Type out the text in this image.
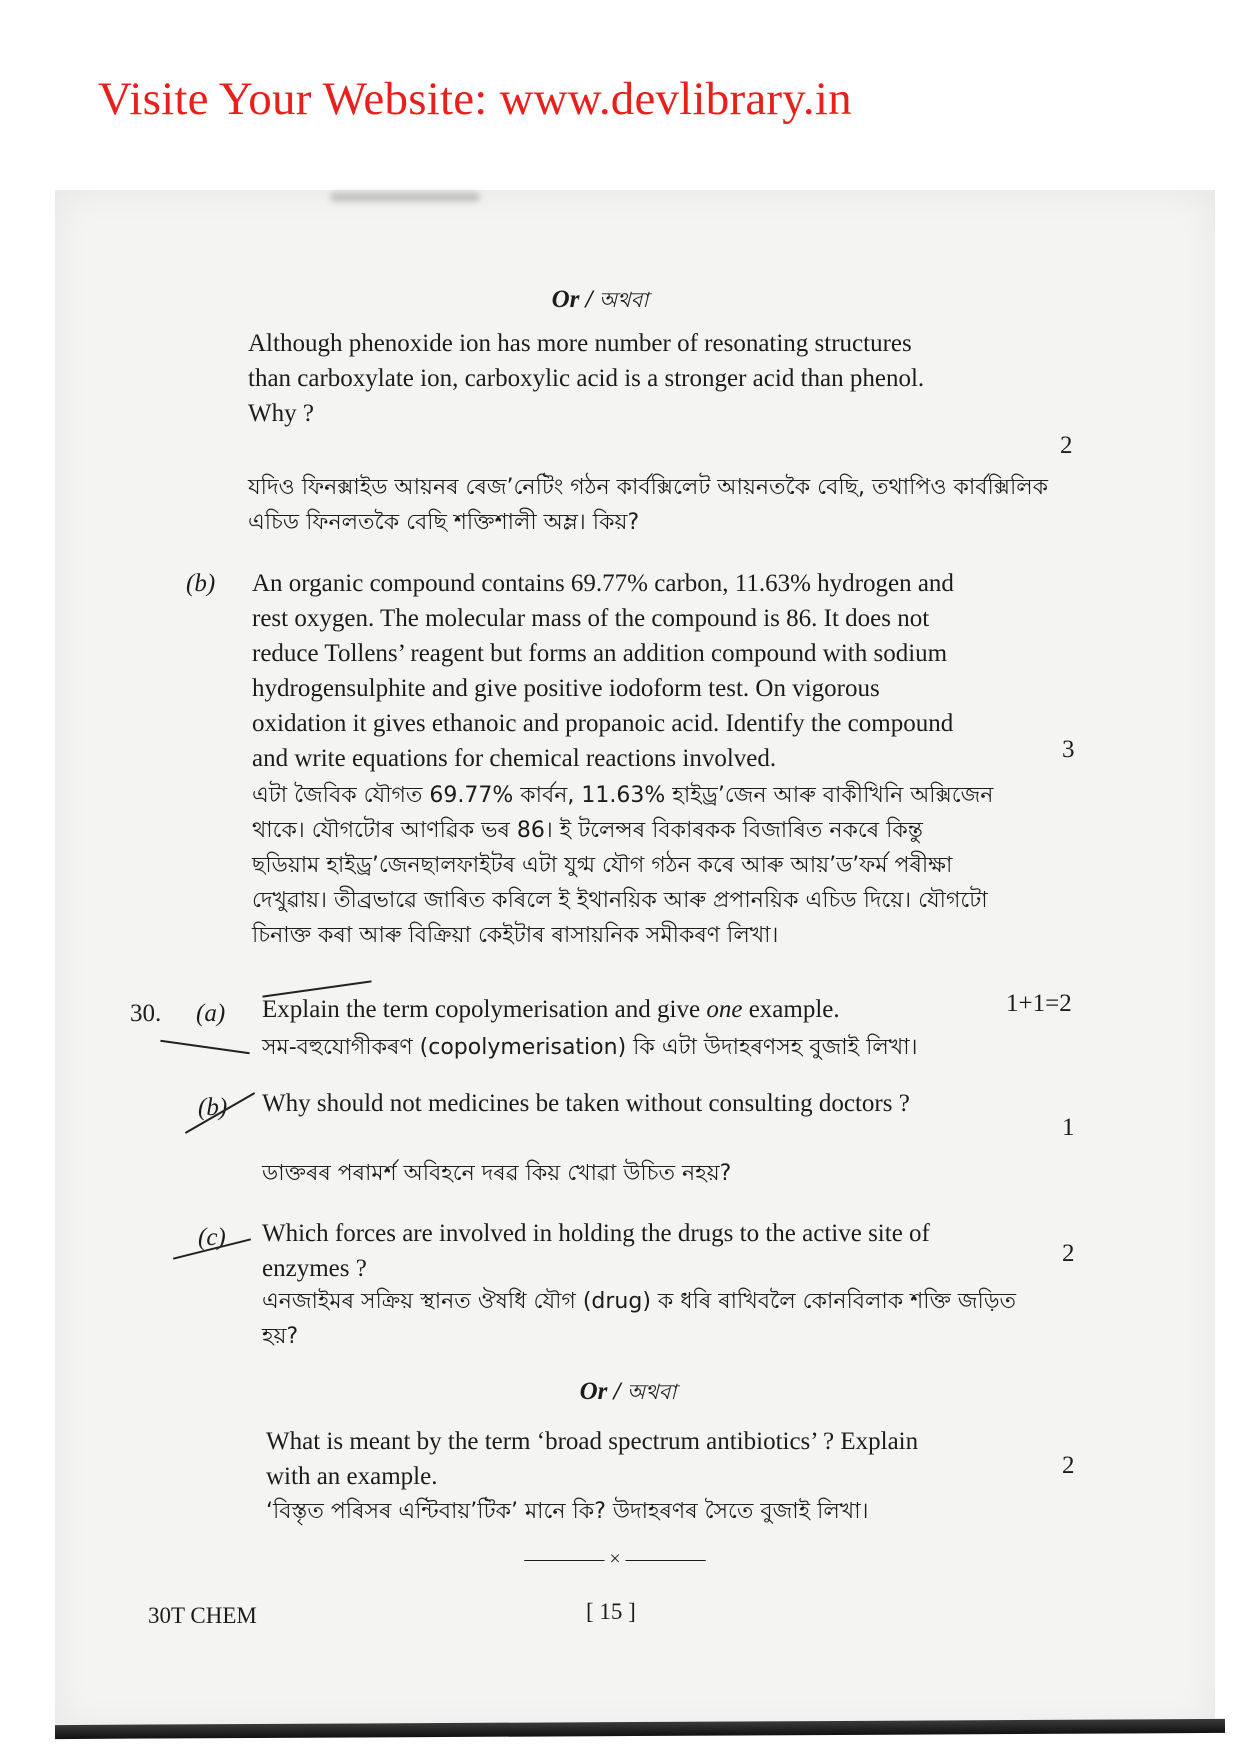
Visite Your Website: www.devlibrary.in
Or / অথবা
Although phenoxide ion has more number of resonating structures
than carboxylate ion, carboxylic acid is a stronger acid than phenol.
Why ?
2
যদিও ফিনক্সাইড আয়নৰ ৰেজ’নেটিং গঠন কাৰ্বক্সিলেট আয়নতকৈ বেছি, তথাপিও কাৰ্বক্সিলিক
এচিড ফিনলতকৈ বেছি শক্তিশালী অম্ল। কিয়?
(b) An organic compound contains 69.77% carbon, 11.63% hydrogen and
rest oxygen. The molecular mass of the compound is 86. It does not
reduce Tollens’ reagent but forms an addition compound with sodium
hydrogensulphite and give positive iodoform test. On vigorous
oxidation it gives ethanoic and propanoic acid. Identify the compound
and write equations for chemical reactions involved.	3
এটা জৈবিক যৌগত 69.77% কাৰ্বন, 11.63% হাইড্ৰ’জেন আৰু বাকীখিনি অক্সিজেন
থাকে। যৌগটোৰ আণৱিক ভৰ 86। ই টলেন্সৰ বিকাৰকক বিজাৰিত নকৰে কিন্তু
ছডিয়াম হাইড্ৰ’জেনছালফাইটৰ এটা যুগ্ম যৌগ গঠন কৰে আৰু আয়’ড’ফৰ্ম পৰীক্ষা
দেখুৱায়। তীব্ৰভাৱে জাৰিত কৰিলে ই ইথানয়িক আৰু প্ৰপানয়িক এচিড দিয়ে। যৌগটো
চিনাক্ত কৰা আৰু বিক্ৰিয়া কেইটাৰ ৰাসায়নিক সমীকৰণ লিখা।
30. (a) Explain the term copolymerisation and give one example.	1+1=2
সম-বহুযোগীকৰণ (copolymerisation) কি এটা উদাহৰণসহ বুজাই লিখা।
(b) Why should not medicines be taken without consulting doctors ?
1
ডাক্তৰৰ পৰামৰ্শ অবিহনে দৰৱ কিয় খোৱা উচিত নহয়?
(c) Which forces are involved in holding the drugs to the active site of
enzymes ?
2
এনজাইমৰ সক্ৰিয় স্থানত ঔষধি যৌগ (drug) ক ধৰি ৰাখিবলৈ কোনবিলাক শক্তি জড়িত
হয়?
Or / অথবা
What is meant by the term ‘broad spectrum antibiotics’ ? Explain
with an example.	2
‘বিস্তৃত পৰিসৰ এন্টিবায়’টিক’ মানে কি? উদাহৰণৰ সৈতে বুজাই লিখা।
———— × ————
30T CHEM	[ 15 ]
